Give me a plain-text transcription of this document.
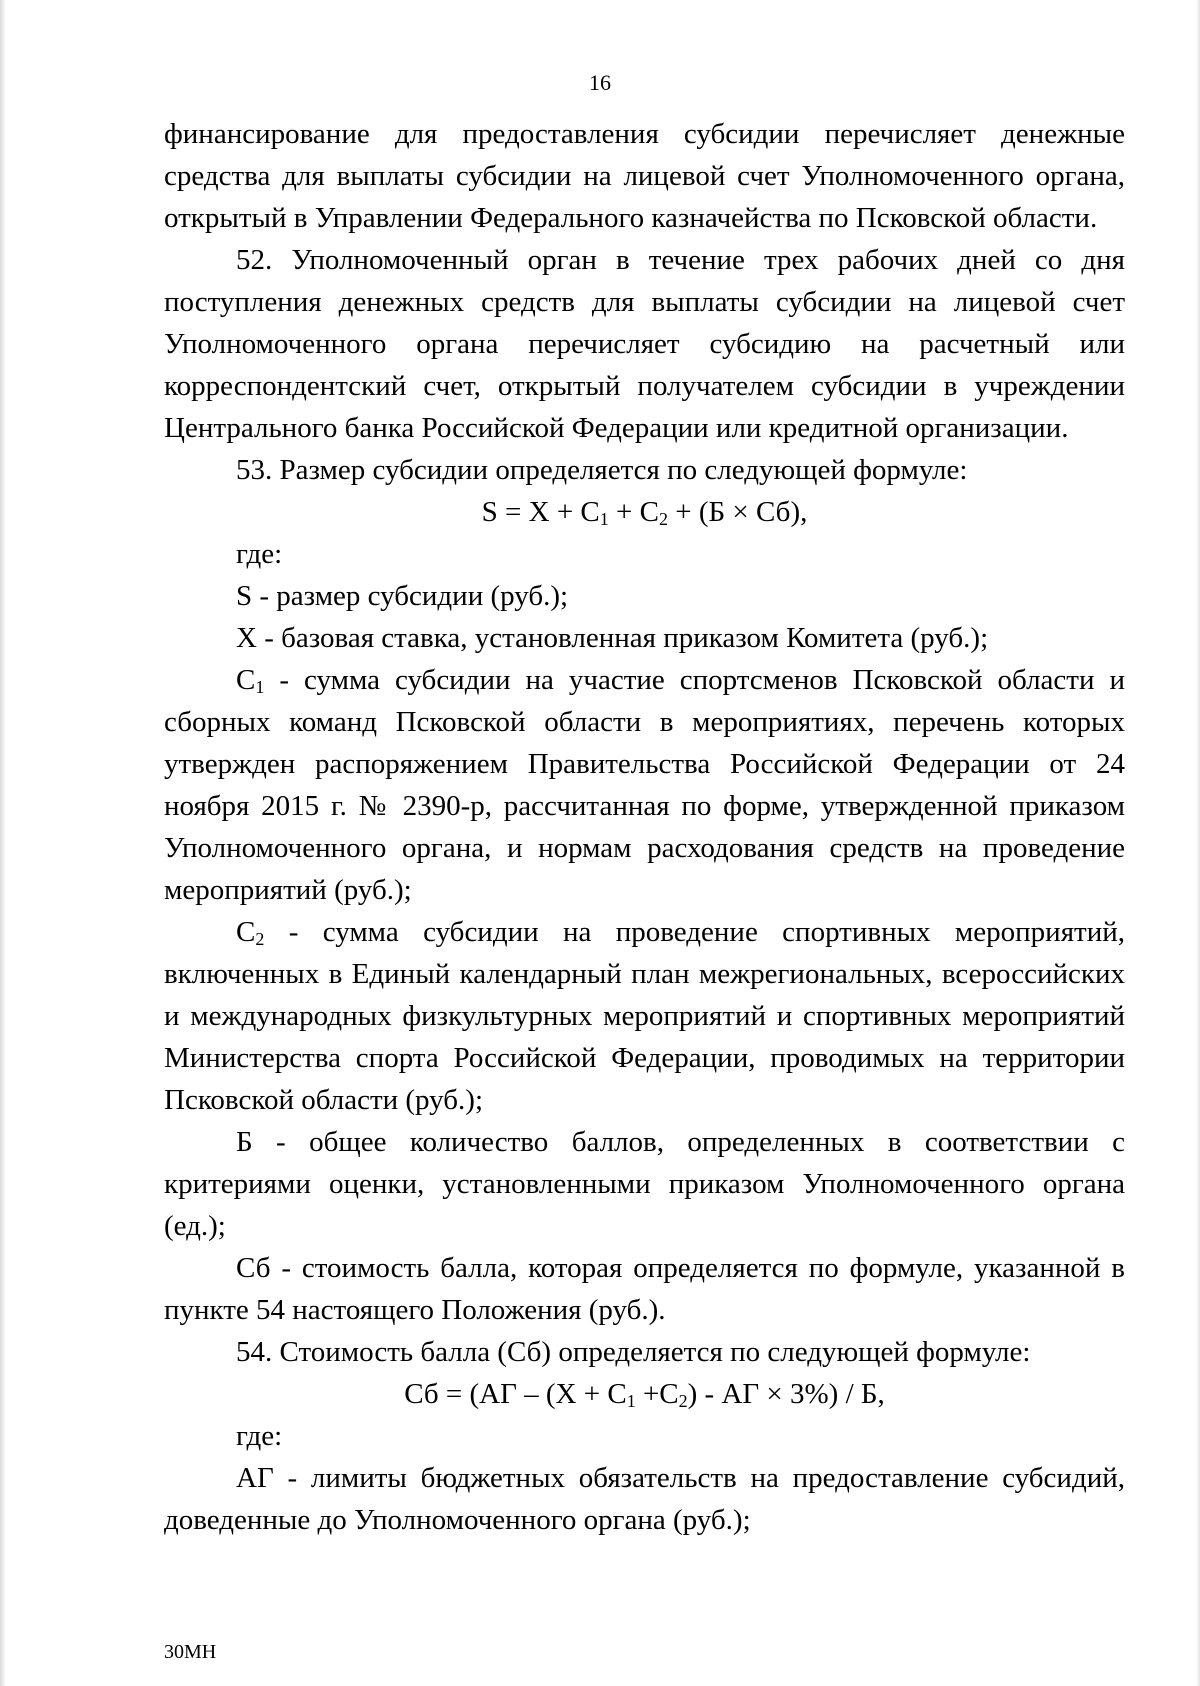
16

финансирование для предоставления субсидии перечисляет денежные средства для выплаты субсидии на лицевой счет Уполномоченного органа, открытый в Управлении Федерального казначейства по Псковской области.

52. Уполномоченный орган в течение трех рабочих дней со дня поступления денежных средств для выплаты субсидии на лицевой счет Уполномоченного органа перечисляет субсидию на расчетный или корреспондентский счет, открытый получателем субсидии в учреждении Центрального банка Российской Федерации или кредитной организации.

53. Размер субсидии определяется по следующей формуле:

$S = X + C_1 + C_2 + (Б \times Сб)$,

где:

S - размер субсидии (руб.);

X - базовая ставка, установленная приказом Комитета (руб.);

$C_1$ - сумма субсидии на участие спортсменов Псковской области и сборных команд Псковской области в мероприятиях, перечень которых утвержден распоряжением Правительства Российской Федерации от 24 ноября 2015 г. № 2390-р, рассчитанная по форме, утвержденной приказом Уполномоченного органа, и нормам расходования средств на проведение мероприятий (руб.);

$C_2$ - сумма субсидии на проведение спортивных мероприятий, включенных в Единый календарный план межрегиональных, всероссийских и международных физкультурных мероприятий и спортивных мероприятий Министерства спорта Российской Федерации, проводимых на территории Псковской области (руб.);

Б - общее количество баллов, определенных в соответствии с критериями оценки, установленными приказом Уполномоченного органа (ед.);

Сб - стоимость балла, которая определяется по формуле, указанной в пункте 54 настоящего Положения (руб.).

54. Стоимость балла (Сб) определяется по следующей формуле:

Сб = ($АГ - (X + C_1 +C_2)$ - АГ × 3%) / Б,

где:

АГ - лимиты бюджетных обязательств на предоставление субсидий, доведенные до Уполномоченного органа (руб.);

30МН
